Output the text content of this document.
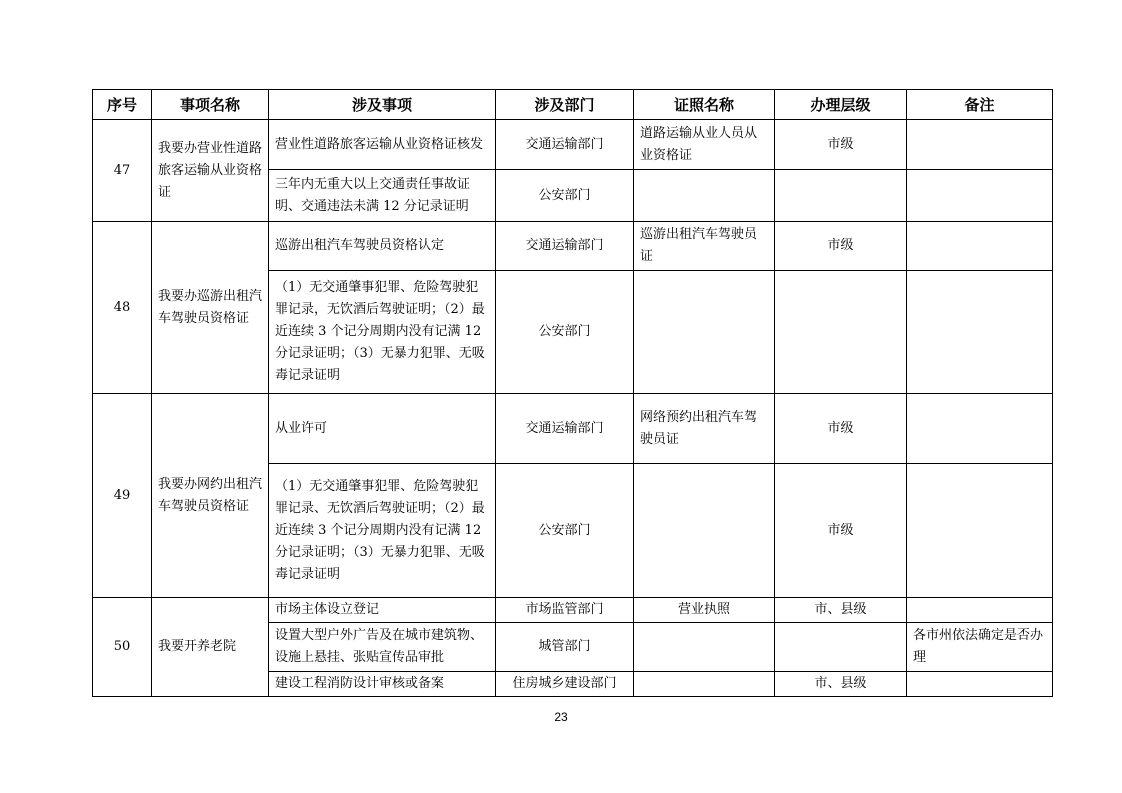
序号	事项名称	涉及事项	涉及部门	证照名称	办理层级	备注
47	我要办营业性道路旅客运输从业资格证	营业性道路旅客运输从业资格证核发	交通运输部门	道路运输从业人员从业资格证	市级	
		三年内无重大以上交通责任事故证明、交通违法未满 12 分记录证明	公安部门			
48	我要办巡游出租汽车驾驶员资格证	巡游出租汽车驾驶员资格认定	交通运输部门	巡游出租汽车驾驶员证	市级	
		（1）无交通肇事犯罪、危险驾驶犯罪记录，无饮酒后驾驶证明；（2）最近连续 3 个记分周期内没有记满 12 分记录证明；（3）无暴力犯罪、无吸毒记录证明	公安部门			
49	我要办网约出租汽车驾驶员资格证	从业许可	交通运输部门	网络预约出租汽车驾驶员证	市级	
		（1）无交通肇事犯罪、危险驾驶犯罪记录、无饮酒后驾驶证明；（2）最近连续 3 个记分周期内没有记满 12 分记录证明；（3）无暴力犯罪、无吸毒记录证明	公安部门		市级	
50	我要开养老院	市场主体设立登记	市场监管部门	营业执照	市、县级	
		设置大型户外广告及在城市建筑物、设施上悬挂、张贴宣传品审批	城管部门			各市州依法确定是否办理
		建设工程消防设计审核或备案	住房城乡建设部门		市、县级	
23
